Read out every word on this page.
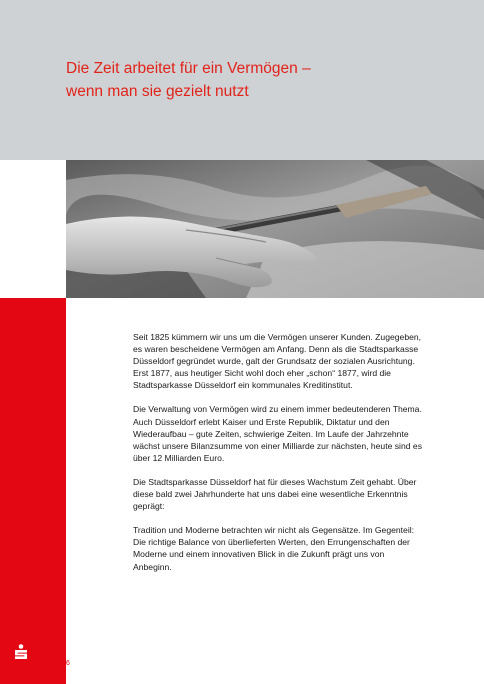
Die Zeit arbeitet für ein Vermögen –
wenn man sie gezielt nutzt

Seit 1825 kümmern wir uns um die Vermögen unserer Kunden. Zugegeben, es waren bescheidene Vermögen am Anfang. Denn als die Stadtsparkasse Düsseldorf gegründet wurde, galt der Grundsatz der sozialen Ausrichtung. Erst 1877, aus heutiger Sicht wohl doch eher „schon“ 1877, wird die Stadtsparkasse Düsseldorf ein kommunales Kreditinstitut.

Die Verwaltung von Vermögen wird zu einem immer bedeutenderen Thema. Auch Düsseldorf erlebt Kaiser und Erste Republik, Diktatur und den Wiederaufbau – gute Zeiten, schwierige Zeiten. Im Laufe der Jahrzehnte wächst unsere Bilanzsumme von einer Milliarde zur nächsten, heute sind es über 12 Milliarden Euro.

Die Stadtsparkasse Düsseldorf hat für dieses Wachstum Zeit gehabt. Über diese bald zwei Jahrhunderte hat uns dabei eine wesentliche Erkenntnis geprägt:

Tradition und Moderne betrachten wir nicht als Gegensätze. Im Gegenteil: Die richtige Balance von überlieferten Werten, den Errungenschaften der Moderne und einem innovativen Blick in die Zukunft prägt uns von Anbeginn.

6
